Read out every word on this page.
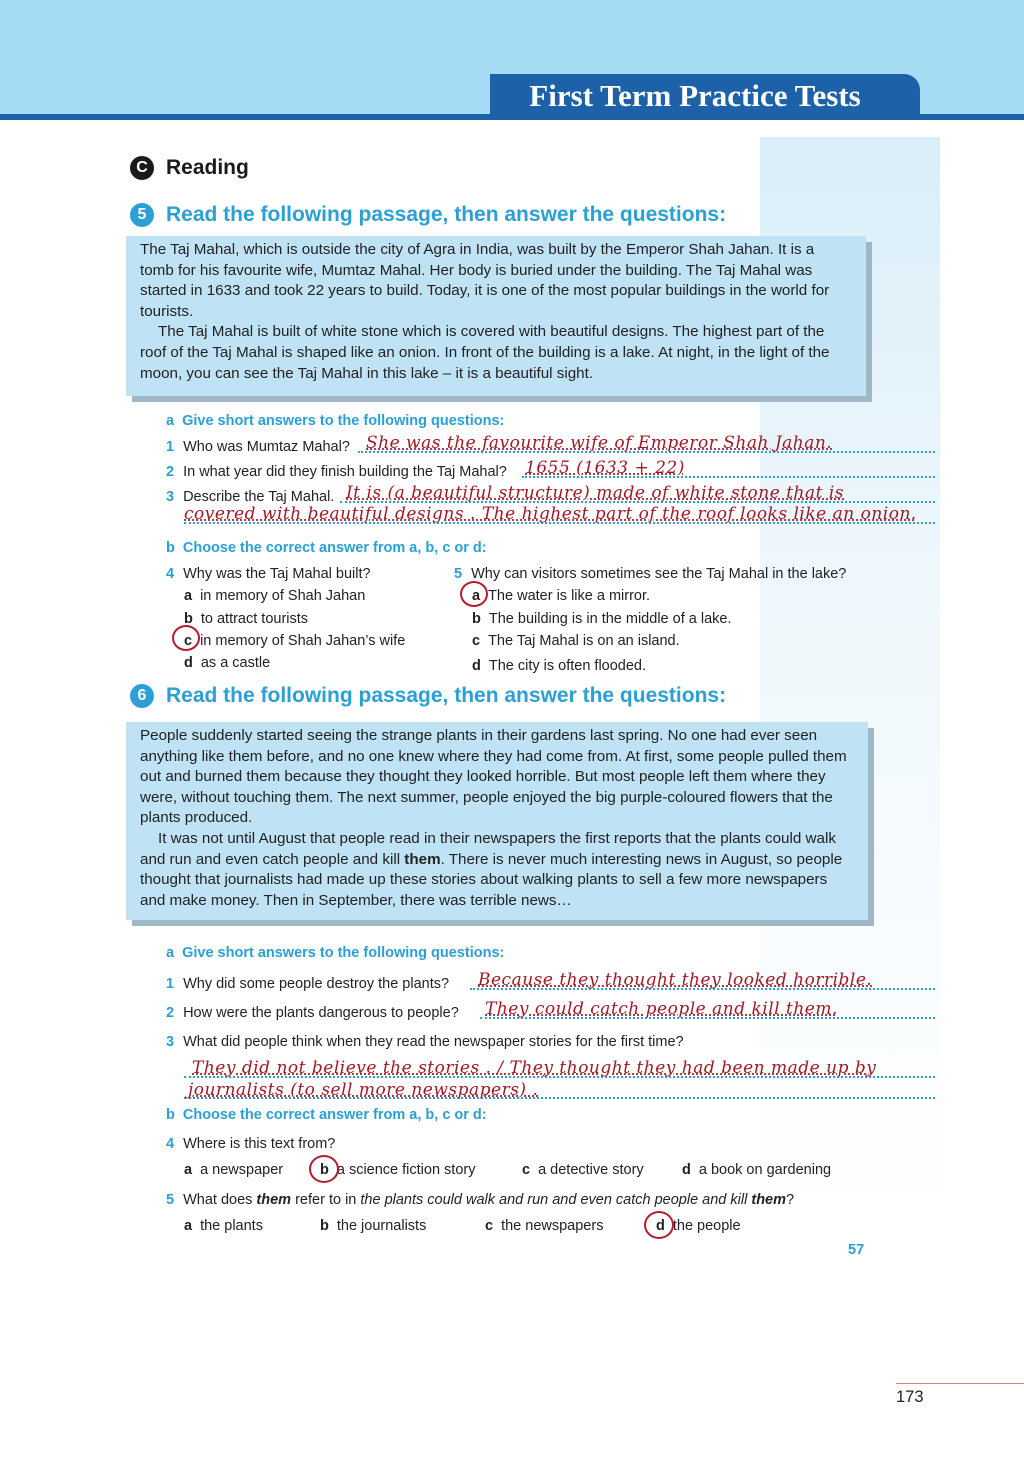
First Term Practice Tests
C Reading
5 Read the following passage, then answer the questions:

The Taj Mahal, which is outside the city of Agra in India, was built by the Emperor Shah Jahan. It is a tomb for his favourite wife, Mumtaz Mahal. Her body is buried under the building. The Taj Mahal was started in 1633 and took 22 years to build. Today, it is one of the most popular buildings in the world for tourists.

The Taj Mahal is built of white stone which is covered with beautiful designs. The highest part of the roof of the Taj Mahal is shaped like an onion. In front of the building is a lake. At night, in the light of the moon, you can see the Taj Mahal in this lake – it is a beautiful sight.

a Give short answers to the following questions:
1 Who was Mumtaz Mahal? She was the favourite wife of Emperor Shah Jahan.
2 In what year did they finish building the Taj Mahal? 1655 (1633 + 22)
3 Describe the Taj Mahal. It is (a beautiful structure) made of white stone that is
covered with beautiful designs . The highest part of the roof looks like an onion.
b Choose the correct answer from a, b, c or d:
4 Why was the Taj Mahal built?
a in memory of Shah Jahan
b to attract tourists
c in memory of Shah Jahan’s wife
d as a castle
5 Why can visitors sometimes see the Taj Mahal in the lake?
a The water is like a mirror.
b The building is in the middle of a lake.
c The Taj Mahal is on an island.
d The city is often flooded.
6 Read the following passage, then answer the questions:

People suddenly started seeing the strange plants in their gardens last spring. No one had ever seen anything like them before, and no one knew where they had come from. At first, some people pulled them out and burned them because they thought they looked horrible. But most people left them where they were, without touching them. The next summer, people enjoyed the big purple-coloured flowers that the plants produced.

It was not until August that people read in their newspapers the first reports that the plants could walk and run and even catch people and kill them. There is never much interesting news in August, so people thought that journalists had made up these stories about walking plants to sell a few more newspapers and make money. Then in September, there was terrible news…

a Give short answers to the following questions:
1 Why did some people destroy the plants? Because they thought they looked horrible.
2 How were the plants dangerous to people? They could catch people and kill them.
3 What did people think when they read the newspaper stories for the first time?
They did not believe the stories . / They thought they had been made up by
journalists (to sell more newspapers) .
b Choose the correct answer from a, b, c or d:
4 Where is this text from?
a a newspaper	b a science fiction story	c a detective story	d a book on gardening
5 What does them refer to in the plants could walk and run and even catch people and kill them?
a the plants	b the journalists	c the newspapers	d the people
57
173
